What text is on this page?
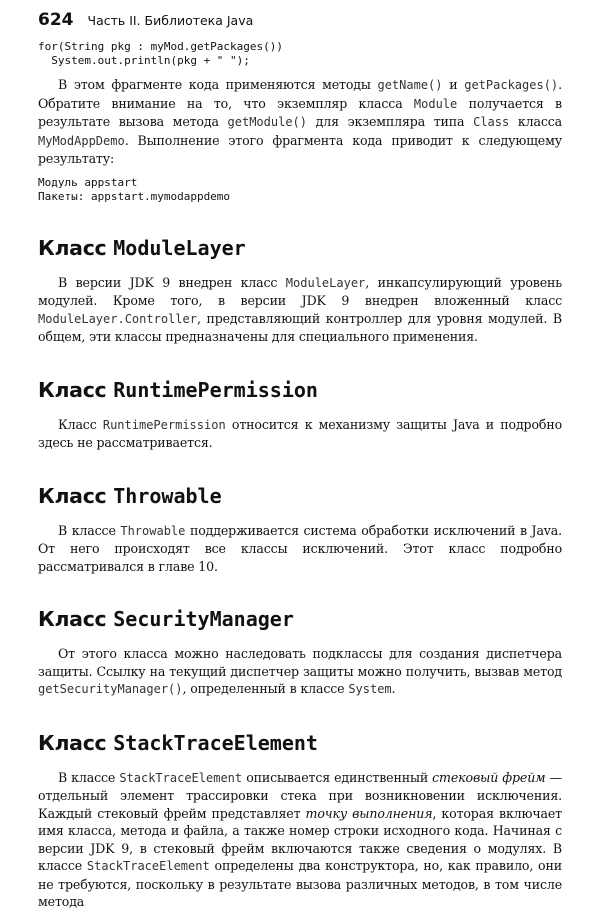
624 Часть II. Библиотека Java
for(String pkg : myMod.getPackages())
System.out.println(pkg + " ");

В этом фрагменте кода применяются методы getName() и getPackages(). Обратите внимание на то, что экземпляр класса Module получается в результате вызова метода getModule() для экземпляра типа Class класса MyModAppDemo. Выполнение этого фрагмента кода приводит к следующему результату:

Модуль appstart
Пакеты: appstart.mymodappdemo
Класс ModuleLayer

В версии JDK 9 внедрен класс ModuleLayer, инкапсулирующий уровень модулей. Кроме того, в версии JDK 9 внедрен вложенный класс ModuleLayer.Controller, представляющий контроллер для уровня модулей. В общем, эти классы предназначены для специального применения.

Класс RuntimePermission

Класс RuntimePermission относится к механизму защиты Java и подробно здесь не рассматривается.

Класс Throwable

В классе Throwable поддерживается система обработки исключений в Java. От него происходят все классы исключений. Этот класс подробно рассматривался в главе 10.

Класс SecurityManager

От этого класса можно наследовать подклассы для создания диспетчера защиты. Ссылку на текущий диспетчер защиты можно получить, вызвав метод getSecurityManager(), определенный в классе System.

Класс StackTraceElement

В классе StackTraceElement описывается единственный стековый фрейм — отдельный элемент трассировки стека при возникновении исключения. Каждый стековый фрейм представляет точку выполнения, которая включает имя класса, метода и файла, а также номер строки исходного кода. Начиная с версии JDK 9, в стековый фрейм включаются также сведения о модулях. В классе StackTraceElement определены два конструктора, но, как правило, они не требуются, поскольку в результате вызова различных методов, в том числе метода
